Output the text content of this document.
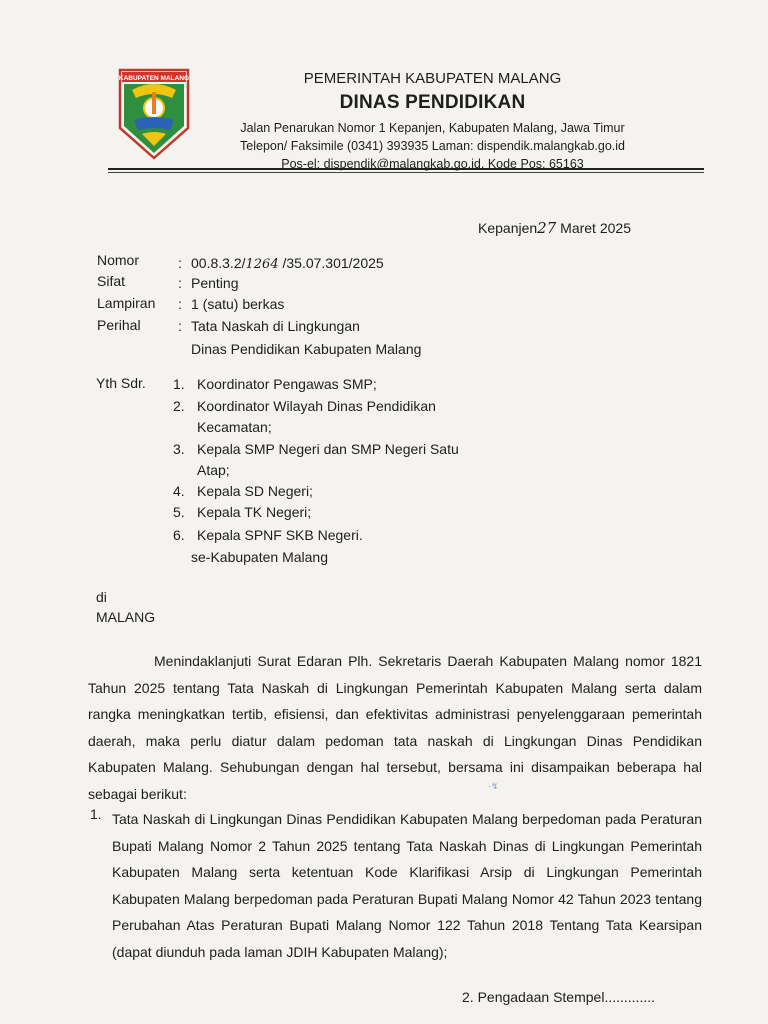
KABUPATEN MALANG	PEMERINTAH KABUPATEN MALANG
DINAS PENDIDIKAN
Jalan Penarukan Nomor 1 Kepanjen, Kabupaten Malang, Jawa Timur
Telepon/ Faksimile (0341) 393935 Laman: dispendik.malangkab.go.id
Pos-el: dispendik@malangkab.go.id, Kode Pos: 65163
Kepanjen27 Maret 2025
Nomor	: 00.8.3.2/1264 /35.07.301/2025
Sifat	: Penting
Lampiran : 1 (satu) berkas
Perihal	: Tata Naskah di Lingkungan
Dinas Pendidikan Kabupaten Malang
Yth Sdr. 1. Koordinator Pengawas SMP;
2. Koordinator Wilayah Dinas Pendidikan
Kecamatan;
3. Kepala SMP Negeri dan SMP Negeri Satu
Atap;
4. Kepala SD Negeri;
5. Kepala TK Negeri;
6. Kepala SPNF SKB Negeri.
se-Kabupaten Malang
di
MALANG
Menindaklanjuti Surat Edaran Plh. Sekretaris Daerah Kabupaten Malang nomor 1821 Tahun 2025 tentang Tata Naskah di Lingkungan Pemerintah Kabupaten Malang serta dalam rangka meningkatkan tertib, efisiensi, dan efektivitas administrasi penyelenggaraan pemerintah daerah, maka perlu diatur dalam pedoman tata naskah di Lingkungan Dinas Pendidikan Kabupaten Malang. Sehubungan dengan hal tersebut, bersama ini disampaikan beberapa hal sebagai berikut:	·↯
1. Tata Naskah di Lingkungan Dinas Pendidikan Kabupaten Malang berpedoman pada Peraturan Bupati Malang Nomor 2 Tahun 2025 tentang Tata Naskah Dinas di Lingkungan Pemerintah Kabupaten Malang serta ketentuan Kode Klarifikasi Arsip di Lingkungan Pemerintah Kabupaten Malang berpedoman pada Peraturan Bupati Malang Nomor 42 Tahun 2023 tentang Perubahan Atas Peraturan Bupati Malang Nomor 122 Tahun 2018 Tentang Tata Kearsipan (dapat diunduh pada laman JDIH Kabupaten Malang);
2. Pengadaan Stempel.............
